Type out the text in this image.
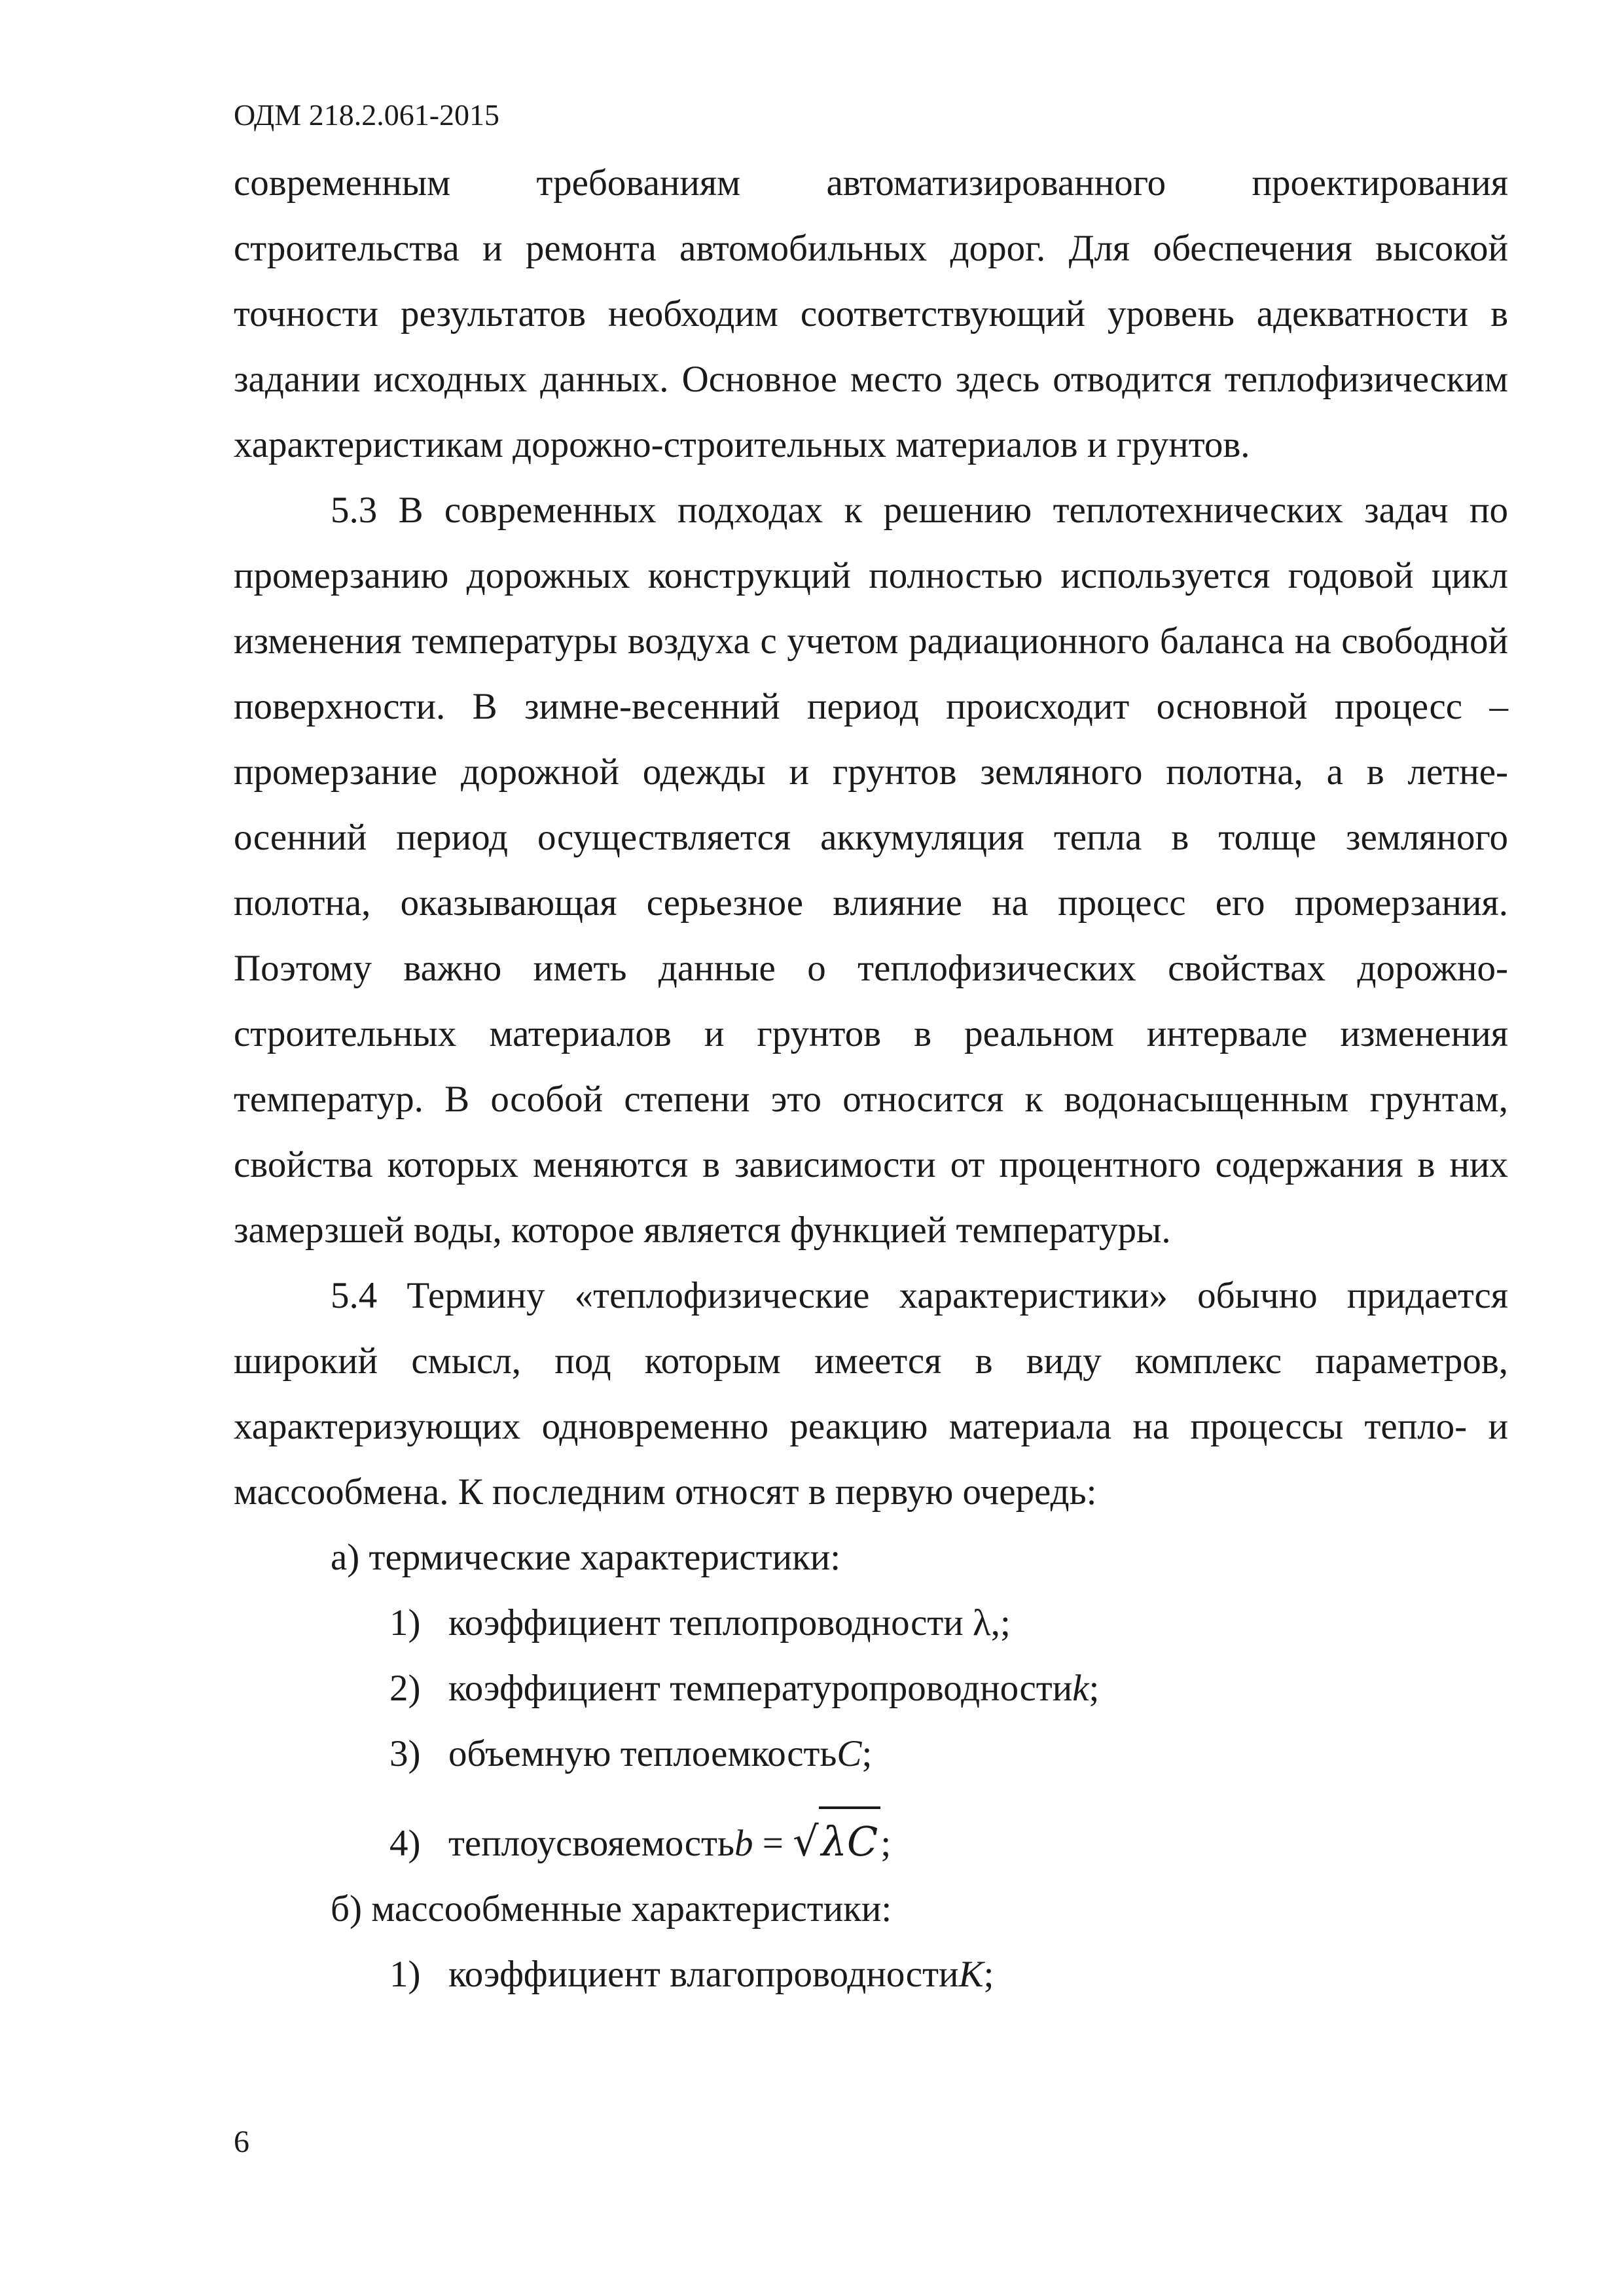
ОДМ 218.2.061-2015

современным требованиям автоматизированного проектирования строительства и ремонта автомобильных дорог. Для обеспечения высокой точности результатов необходим соответствующий уровень адекватности в задании исходных данных. Основное место здесь отводится теплофизическим характеристикам дорожно-строительных материалов и грунтов.

5.3 В современных подходах к решению теплотехнических задач по промерзанию дорожных конструкций полностью используется годовой цикл изменения температуры воздуха с учетом радиационного баланса на свободной поверхности. В зимне-весенний период происходит основной процесс – промерзание дорожной одежды и грунтов земляного полотна, а в летне-осенний период осуществляется аккумуляция тепла в толще земляного полотна, оказывающая серьезное влияние на процесс его промерзания. Поэтому важно иметь данные о теплофизических свойствах дорожно-строительных материалов и грунтов в реальном интервале изменения температур. В особой степени это относится к водонасыщенным грунтам, свойства которых меняются в зависимости от процентного содержания в них замерзшей воды, которое является функцией температуры.

5.4 Термину «теплофизические характеристики» обычно придается широкий смысл, под которым имеется в виду комплекс параметров, характеризующих одновременно реакцию материала на процессы тепло- и массообмена. К последним относят в первую очередь:

а) термические характеристики:

1) коэффициент теплопроводности λ,;
2) коэффициент температуропроводностиk;
3) объемную теплоемкостьC;
4) теплоусвояемостьb = √λC;

б) массообменные характеристики:

1) коэффициент влагопроводностиK;
6
